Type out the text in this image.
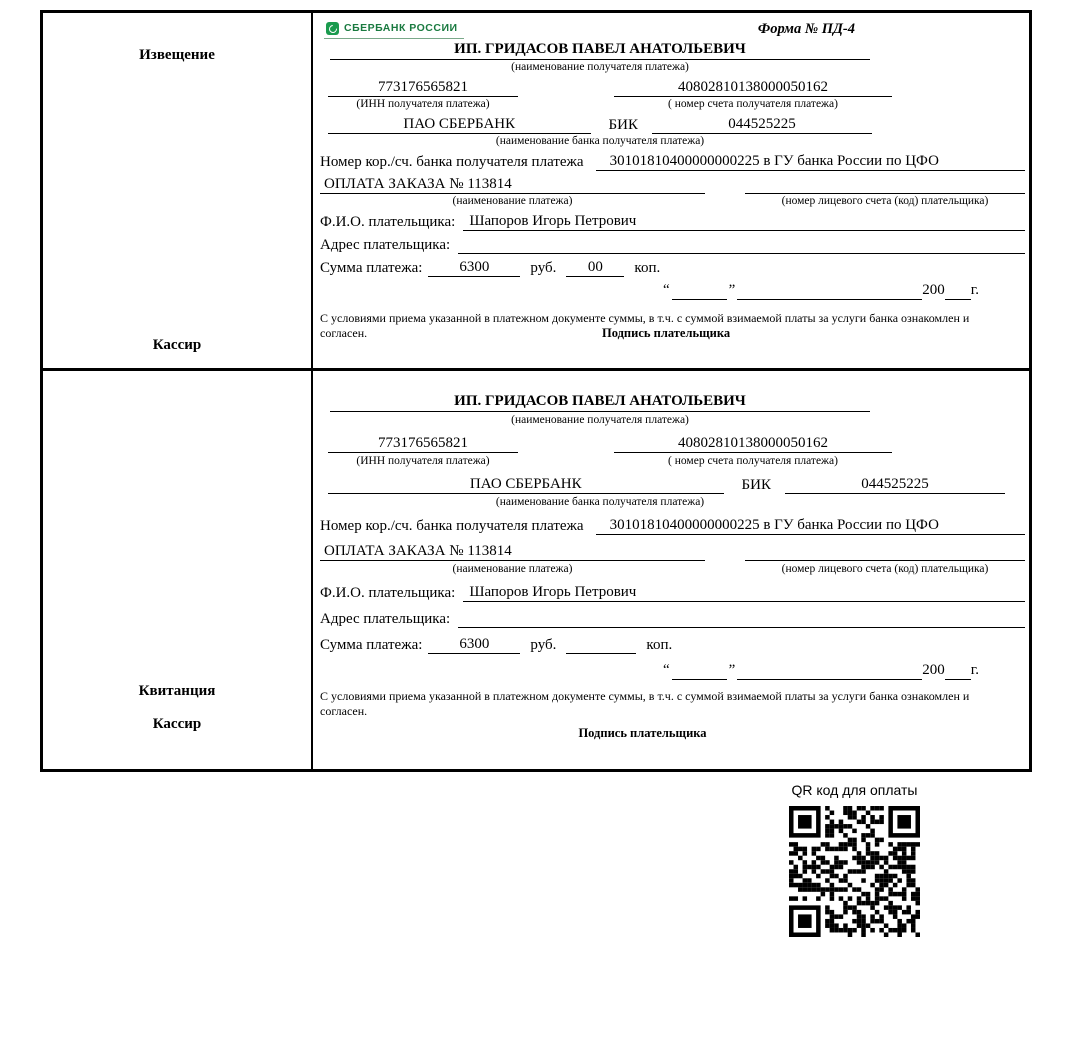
Извещение
Кассир
СБЕРБАНК РОССИИ	Форма № ПД-4
ИП. ГРИДАСОВ ПАВЕЛ АНАТОЛЬЕВИЧ
(наименование получателя платежа)
773176565821	40802810138000050162
(ИНН получателя платежа)	( номер счета получателя платежа)
ПАО СБЕРБАНК	БИК	044525225
(наименование банка получателя платежа)
Номер кор./сч. банка получателя платежа	30101810400000000225 в ГУ банка России по ЦФО
ОПЛАТА ЗАКАЗА № 113814
(наименование платежа)	(номер лицевого счета (код) плательщика)
Ф.И.О. плательщика: Шапоров Игорь Петрович
Адрес плательщика:
Сумма платежа:	6300	руб.	00	коп.
“	”	200 г.
С условиями приема указанной в платежном документе суммы, в т.ч. с суммой взимаемой платы за услуги банка ознакомлен и согласен.	Подпись плательщика
Квитанция
Кассир
ИП. ГРИДАСОВ ПАВЕЛ АНАТОЛЬЕВИЧ
(наименование получателя платежа)
773176565821	40802810138000050162
(ИНН получателя платежа)	( номер счета получателя платежа)
ПАО СБЕРБАНК	БИК	044525225
(наименование банка получателя платежа)
Номер кор./сч. банка получателя платежа	30101810400000000225 в ГУ банка России по ЦФО
ОПЛАТА ЗАКАЗА № 113814
(наименование платежа)	(номер лицевого счета (код) плательщика)
Ф.И.О. плательщика: Шапоров Игорь Петрович
Адрес плательщика:
Сумма платежа:	6300	руб.	коп.
“	”	200 г.
С условиями приема указанной в платежном документе суммы, в т.ч. с суммой взимаемой платы за услуги банка ознакомлен и согласен.
Подпись плательщика
QR код для оплаты
